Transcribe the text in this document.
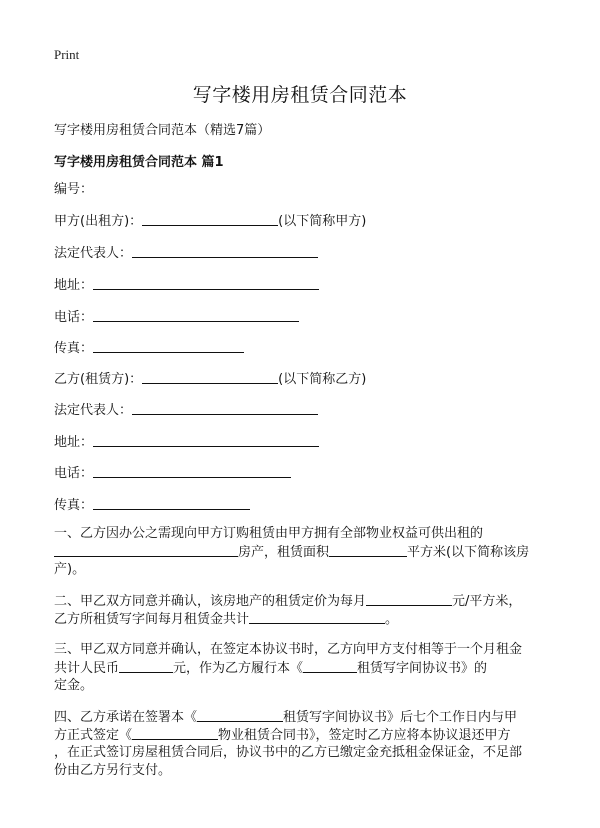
Print
写字楼用房租赁合同范本
写字楼用房租赁合同范本（精选7篇）
写字楼用房租赁合同范本 篇1
编号：
甲方(出租方)：	(以下简称甲方)
法定代表人：
地址：
电话：
传真：
乙方(租赁方)：	(以下简称乙方)
法定代表人：
地址：
电话：
传真：
一、乙方因办公之需现向甲方订购租赁由甲方拥有全部物业权益可供出租的
房产，租赁面积	平方米(以下简称该房
产)。
二、甲乙双方同意并确认，该房地产的租赁定价为每月	元/平方米，
乙方所租赁写字间每月租赁金共计	。
三、甲乙双方同意并确认，在签定本协议书时，乙方向甲方支付相等于一个月租金
共计人民币	元，作为乙方履行本《	租赁写字间协议书》的
定金。
四、乙方承诺在签署本《	租赁写字间协议书》后七个工作日内与甲
方正式签定《	物业租赁合同书》，签定时乙方应将本协议退还甲方
，在正式签订房屋租赁合同后，协议书中的乙方已缴定金充抵租金保证金，不足部
份由乙方另行支付。
